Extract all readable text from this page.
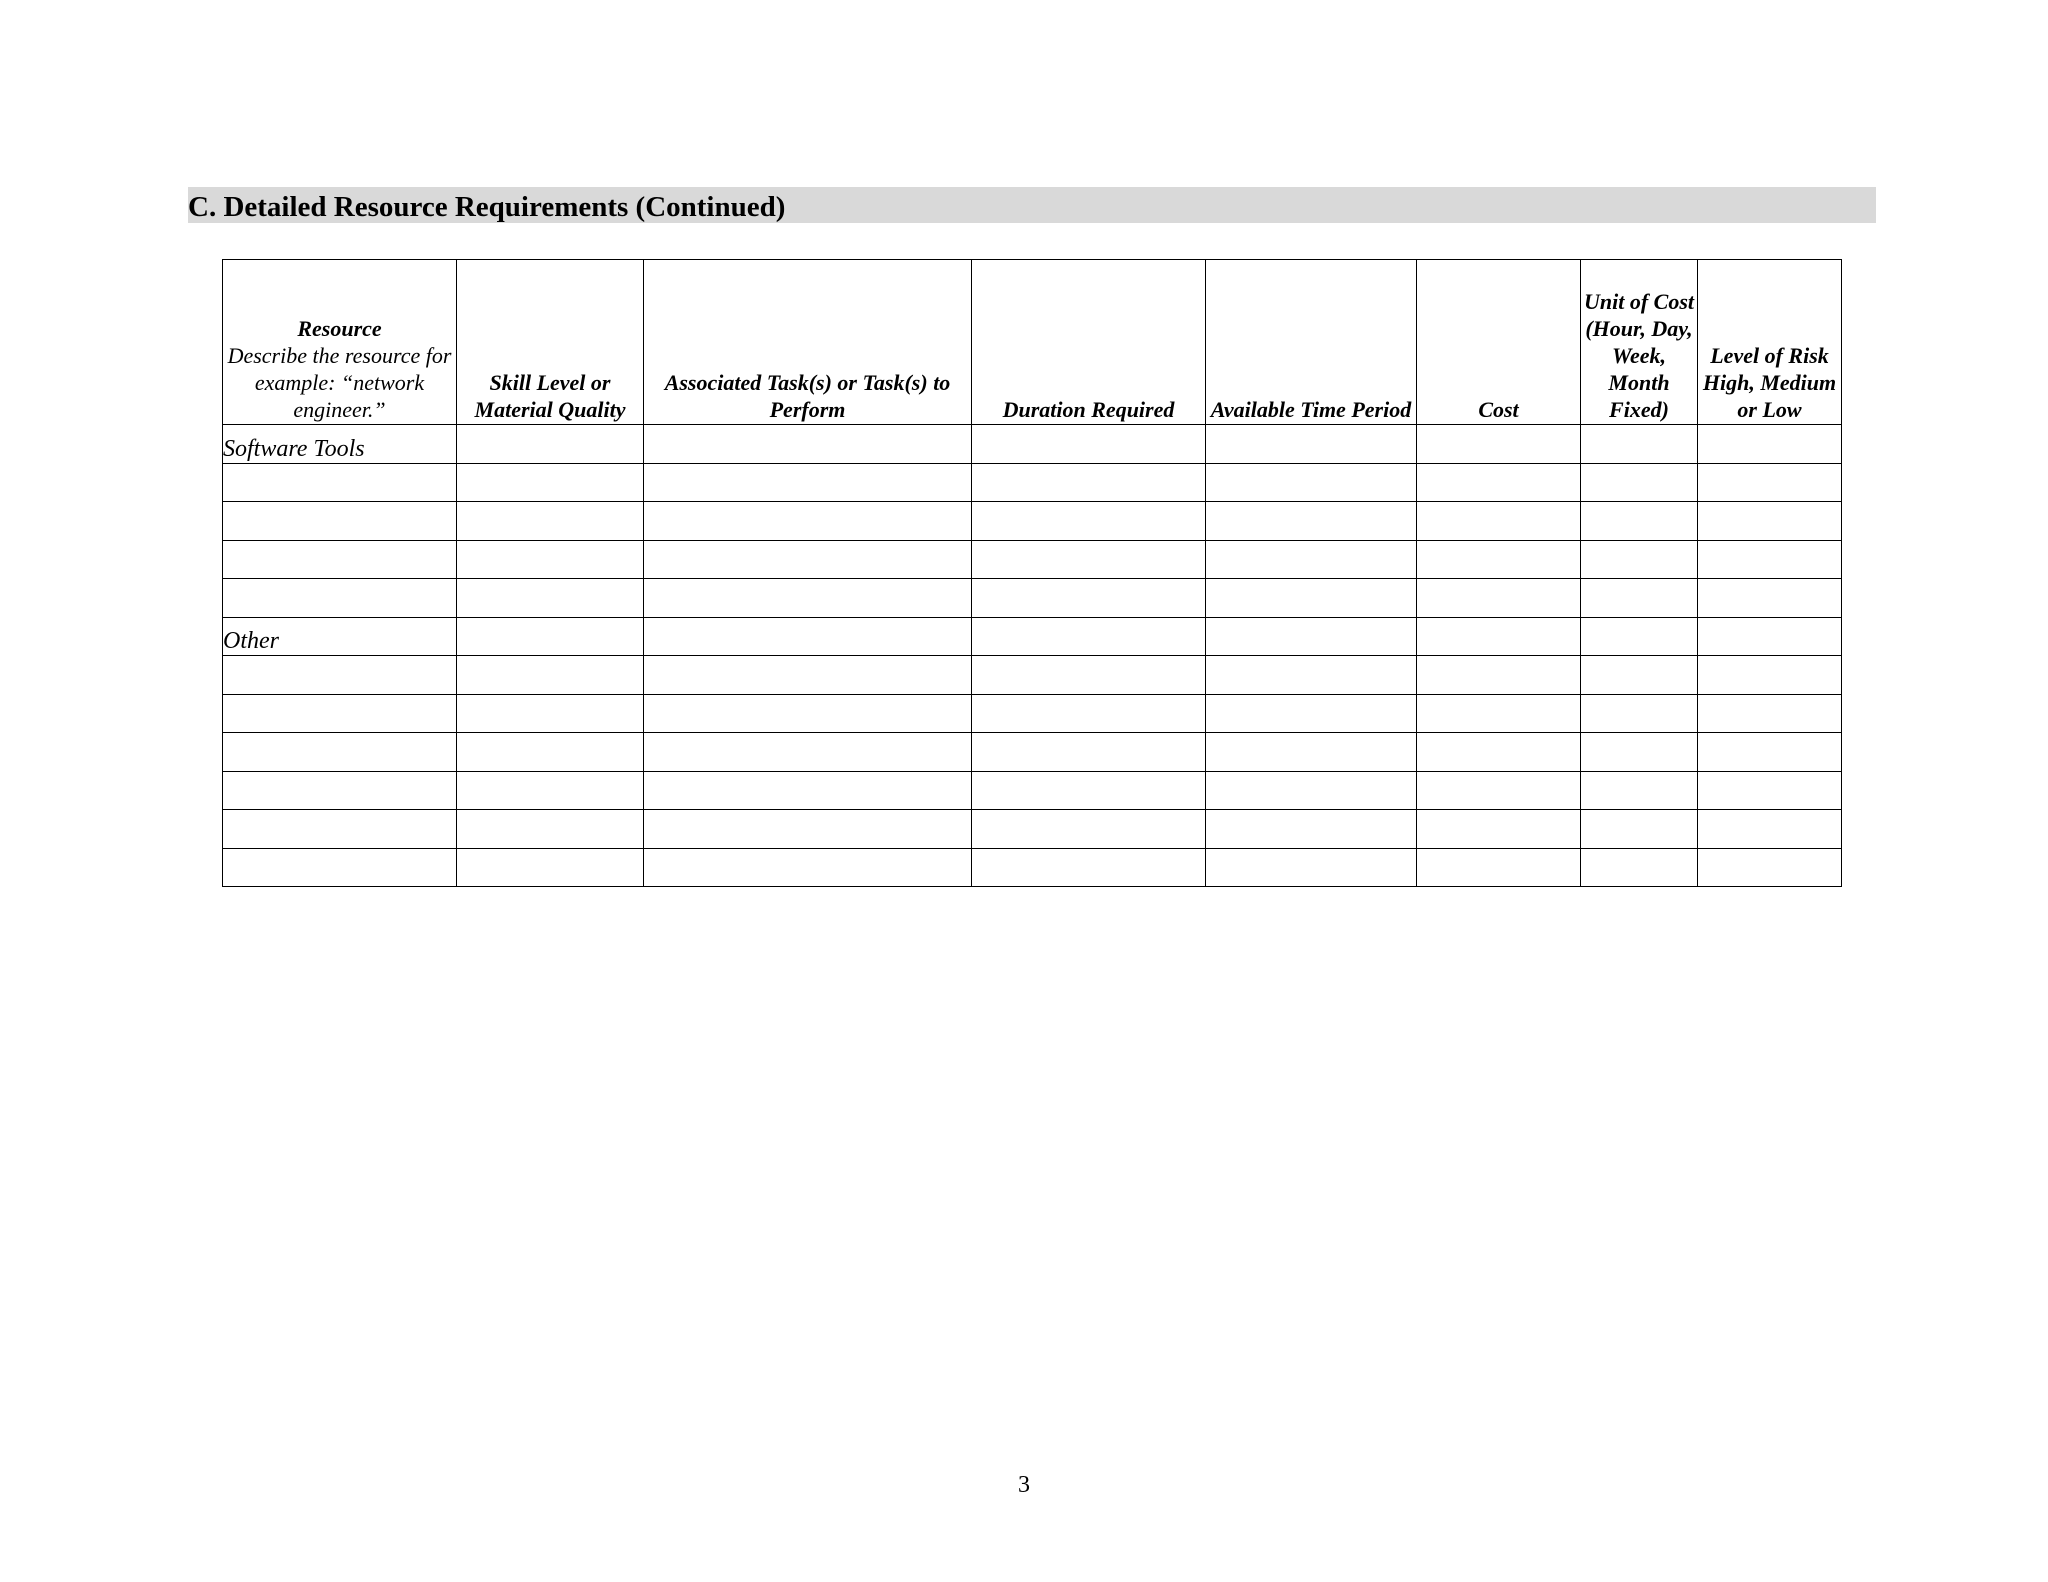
C. Detailed Resource Requirements (Continued)
Resource
Describe the resource for example: “network engineer.”	Skill Level or Material Quality	Associated Task(s) or Task(s) to Perform	Duration Required	Available Time Period	Cost	Unit of Cost (Hour, Day, Week, Month Fixed)	Level of Risk High, Medium or Low
Software Tools							

Other							

3
